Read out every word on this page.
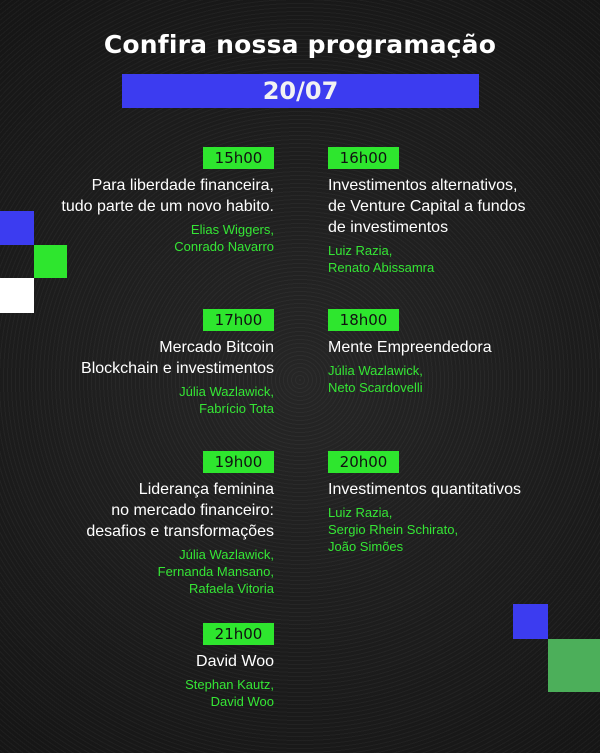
Confira nossa programação
20/07
15h00
Para liberdade financeira,
tudo parte de um novo habito.
Elias Wiggers,
Conrado Navarro
16h00
Investimentos alternativos,
de Venture Capital a fundos
de investimentos
Luiz Razia,
Renato Abissamra
17h00
Mercado Bitcoin
Blockchain e investimentos
Júlia Wazlawick,
Fabrício Tota
18h00
Mente Empreendedora
Júlia Wazlawick,
Neto Scardovelli
19h00
Liderança feminina
no mercado financeiro:
desafios e transformações
Júlia Wazlawick,
Fernanda Mansano,
Rafaela Vitoria
20h00
Investimentos quantitativos
Luiz Razia,
Sergio Rhein Schirato,
João Simões
21h00
David Woo
Stephan Kautz,
David Woo
